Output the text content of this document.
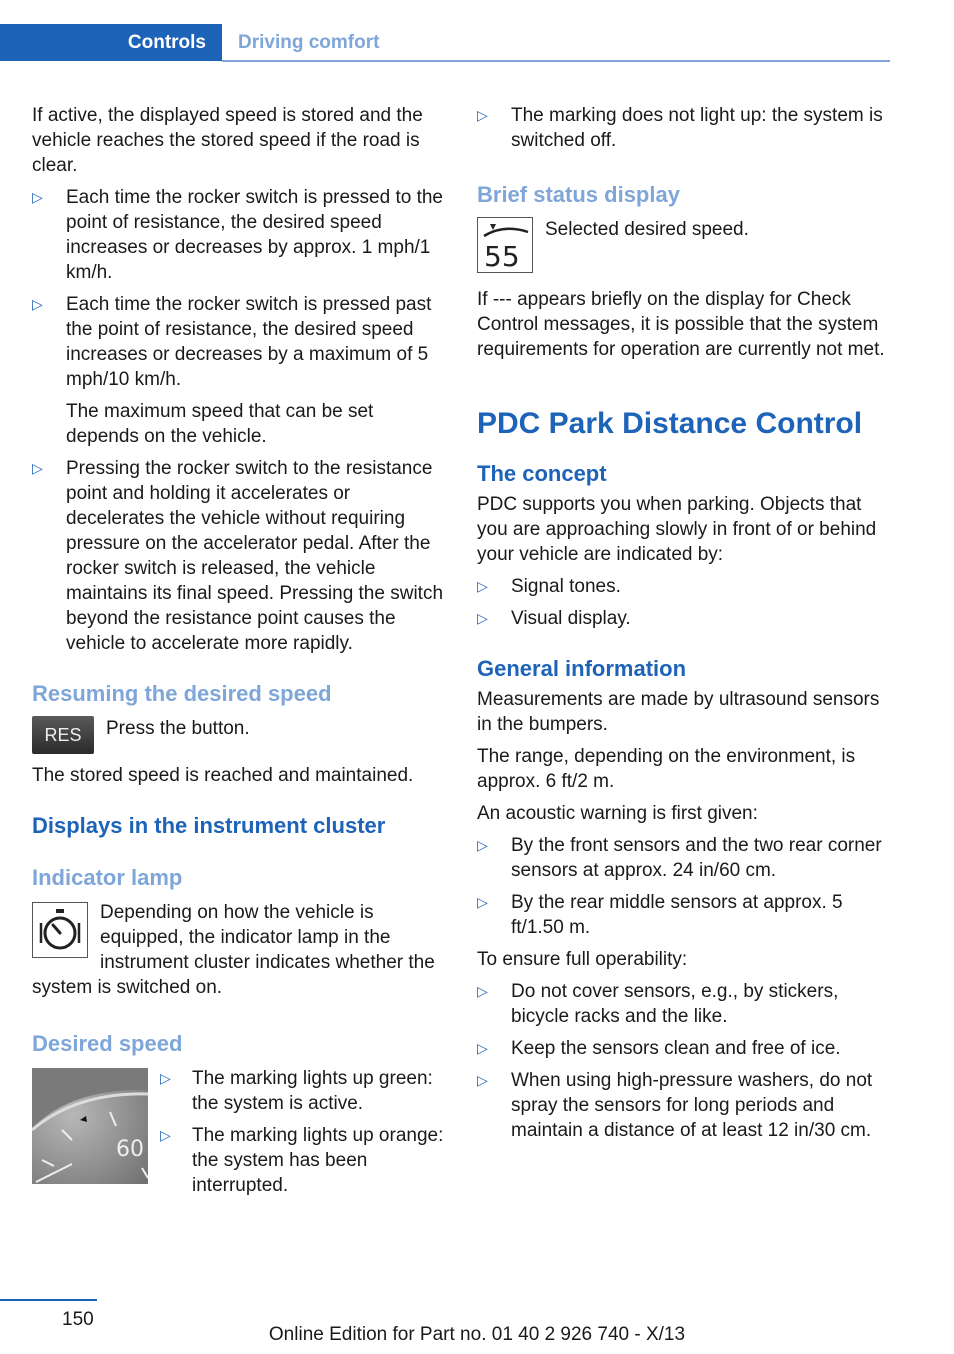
Controls Driving comfort

If active, the displayed speed is stored and the vehicle reaches the stored speed if the road is clear.

▷ Each time the rocker switch is pressed to the point of resistance, the desired speed increases or decreases by approx. 1 mph/1 km/h.
▷ Each time the rocker switch is pressed past the point of resistance, the desired speed increases or decreases by a maximum of 5 mph/10 km/h.

The maximum speed that can be set depends on the vehicle.

▷ Pressing the rocker switch to the resistance point and holding it accelerates or decelerates the vehicle without requiring pressure on the accelerator pedal. After the rocker switch is released, the vehicle maintains its final speed. Pressing the switch beyond the resistance point causes the vehicle to accelerate more rapidly.
Resuming the desired speed
RES	Press the button.

The stored speed is reached and maintained.

Displays in the instrument cluster
Indicator lamp
Depending on how the vehicle is equipped, the indicator lamp in the instrument cluster indicates whether the system is switched on.
Desired speed
60
▷ The marking lights up green: the system is active.
▷ The marking lights up orange: the system has been interrupted.
▷ The marking does not light up: the system is switched off.
Brief status display
55
Selected desired speed.

If --- appears briefly on the display for Check Control messages, it is possible that the system requirements for operation are currently not met.

PDC Park Distance Control
The concept

PDC supports you when parking. Objects that you are approaching slowly in front of or behind your vehicle are indicated by:

▷ Signal tones.
▷ Visual display.
General information

Measurements are made by ultrasound sensors in the bumpers.

The range, depending on the environment, is approx. 6 ft/2 m.

An acoustic warning is first given:

▷ By the front sensors and the two rear corner sensors at approx. 24 in/60 cm.
▷ By the rear middle sensors at approx. 5 ft/1.50 m.

To ensure full operability:

▷ Do not cover sensors, e.g., by stickers, bicycle racks and the like.
▷ Keep the sensors clean and free of ice.
▷ When using high-pressure washers, do not spray the sensors for long periods and maintain a distance of at least 12 in/30 cm.
150
Online Edition for Part no. 01 40 2 926 740 - X/13
